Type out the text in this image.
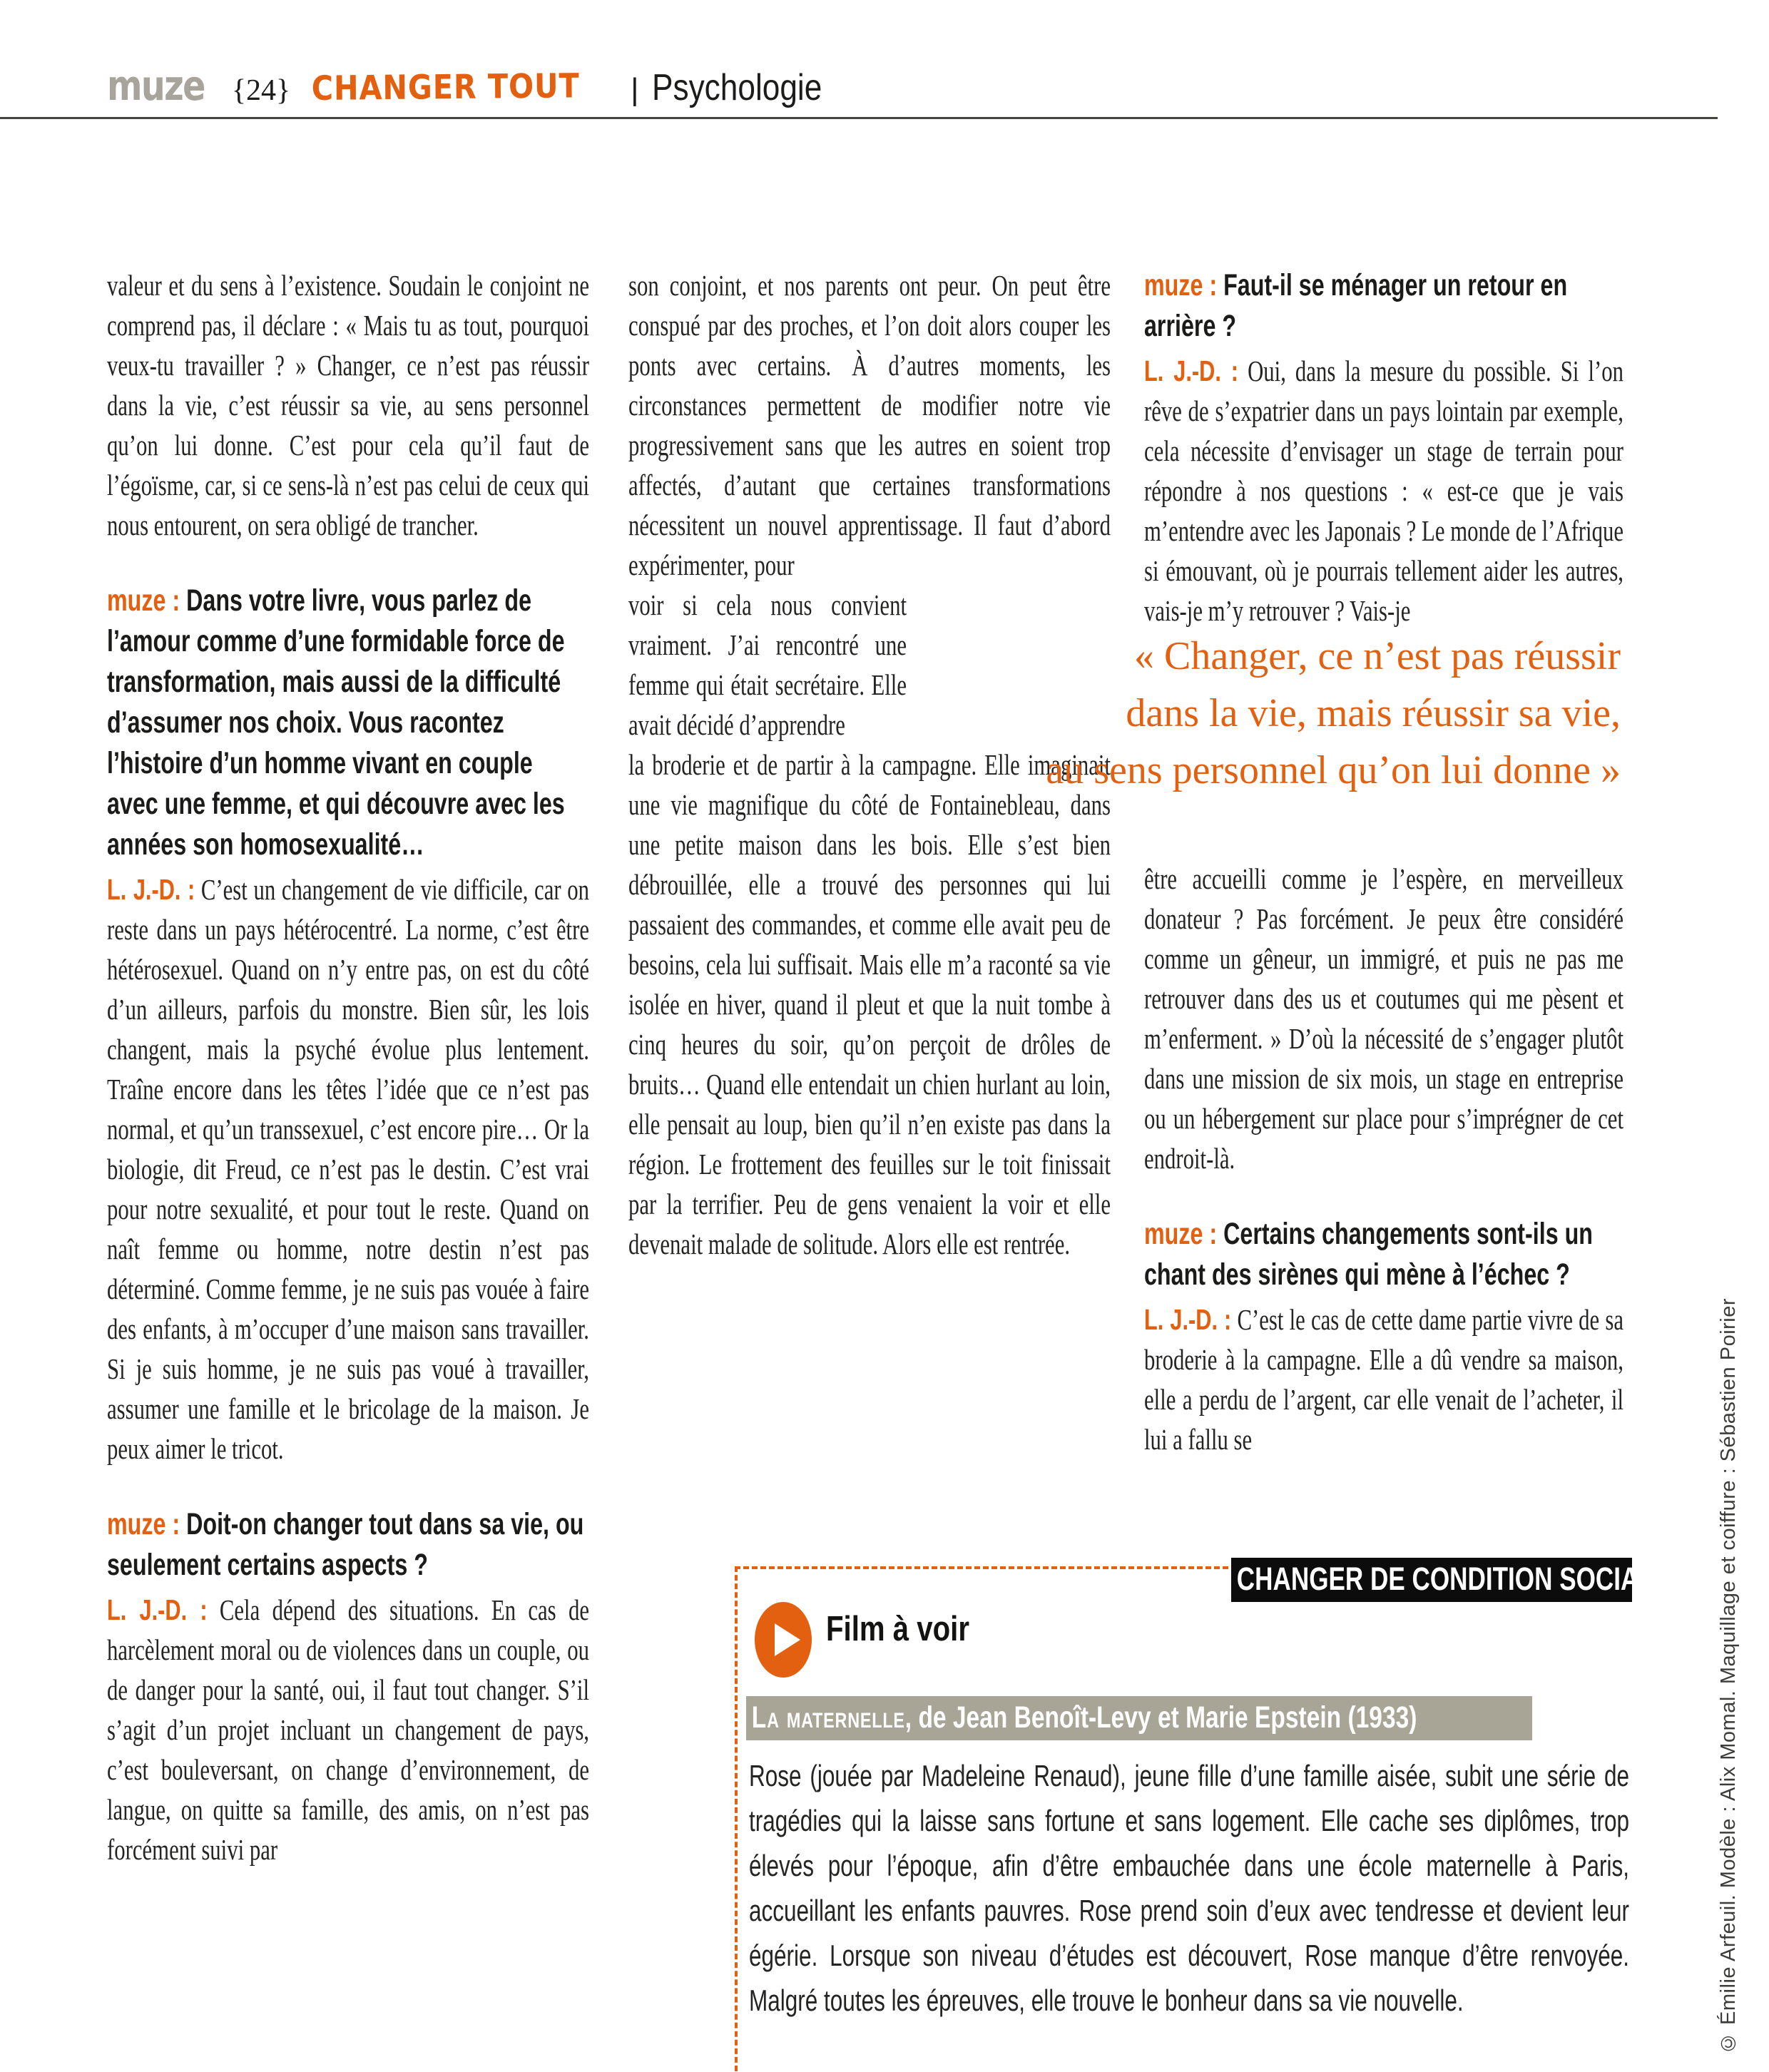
muze {24} CHANGER TOUT | Psychologie

valeur et du sens à l’existence. Soudain le conjoint ne comprend pas, il déclare : « Mais tu as tout, pourquoi veux-tu travailler ? » Changer, ce n’est pas réussir dans la vie, c’est réussir sa vie, au sens personnel qu’on lui donne. C’est pour cela qu’il faut de l’égoïsme, car, si ce sens-là n’est pas celui de ceux qui nous entourent, on sera obligé de trancher.

muze : Dans votre livre, vous parlez de l’amour comme d’une formidable force de transformation, mais aussi de la difficulté d’assumer nos choix. Vous racontez l’histoire d’un homme vivant en couple avec une femme, et qui découvre avec les années son homosexualité…

L. J.-D. : C’est un changement de vie difficile, car on reste dans un pays hétérocentré. La norme, c’est être hétérosexuel. Quand on n’y entre pas, on est du côté d’un ailleurs, parfois du monstre. Bien sûr, les lois changent, mais la psyché évolue plus lentement. Traîne encore dans les têtes l’idée que ce n’est pas normal, et qu’un transsexuel, c’est encore pire… Or la biologie, dit Freud, ce n’est pas le destin. C’est vrai pour notre sexualité, et pour tout le reste. Quand on naît femme ou homme, notre destin n’est pas déterminé. Comme femme, je ne suis pas vouée à faire des enfants, à m’occuper d’une maison sans travailler. Si je suis homme, je ne suis pas voué à travailler, assumer une famille et le bricolage de la maison. Je peux aimer le tricot.

muze : Doit-on changer tout dans sa vie, ou seulement certains aspects ?

L. J.-D. : Cela dépend des situations. En cas de harcèlement moral ou de violences dans un couple, ou de danger pour la santé, oui, il faut tout changer. S’il s’agit d’un projet incluant un changement de pays, c’est bouleversant, on change d’environnement, de langue, on quitte sa famille, des amis, on n’est pas forcément suivi par

son conjoint, et nos parents ont peur. On peut être conspué par des proches, et l’on doit alors couper les ponts avec certains. À d’autres moments, les circonstances permettent de modifier notre vie progressivement sans que les autres en soient trop affectés, d’autant que certaines transformations nécessitent un nouvel apprentissage. Il faut d’abord expérimenter, pour

voir si cela nous convient vraiment. J’ai rencontré une femme qui était secrétaire. Elle avait décidé d’apprendre

la broderie et de partir à la campagne. Elle imaginait une vie magnifique du côté de Fontainebleau, dans une petite maison dans les bois. Elle s’est bien débrouillée, elle a trouvé des personnes qui lui passaient des commandes, et comme elle avait peu de besoins, cela lui suffisait. Mais elle m’a raconté sa vie isolée en hiver, quand il pleut et que la nuit tombe à cinq heures du soir, qu’on perçoit de drôles de bruits… Quand elle entendait un chien hurlant au loin, elle pensait au loup, bien qu’il n’en existe pas dans la région. Le frottement des feuilles sur le toit finissait par la terrifier. Peu de gens venaient la voir et elle devenait malade de solitude. Alors elle est rentrée.

muze : Faut-il se ménager un retour en arrière ?

L. J.-D. : Oui, dans la mesure du possible. Si l’on rêve de s’expatrier dans un pays lointain par exemple, cela nécessite d’envisager un stage de terrain pour répondre à nos questions : « est-ce que je vais m’entendre avec les Japonais ? Le monde de l’Afrique si émouvant, où je pourrais tellement aider les autres, vais-je m’y retrouver ? Vais-je

être accueilli comme je l’espère, en merveilleux donateur ? Pas forcément. Je peux être considéré comme un gêneur, un immigré, et puis ne pas me retrouver dans des us et coutumes qui me pèsent et m’enferment. » D’où la nécessité de s’engager plutôt dans une mission de six mois, un stage en entreprise ou un hébergement sur place pour s’imprégner de cet endroit-là.

muze : Certains changements sont-ils un chant des sirènes qui mène à l’échec ?

L. J.-D. : C’est le cas de cette dame partie vivre de sa broderie à la campagne. Elle a dû vendre sa maison, elle a perdu de l’argent, car elle venait de l’acheter, il lui a fallu se

« Changer, ce n’est pas réussir
dans la vie, mais réussir sa vie,
au sens personnel qu’on lui donne »
CHANGER DE CONDITION SOCIALE
Film à voir
La maternelle, de Jean Benoît-Levy et Marie Epstein (1933)
Rose (jouée par Madeleine Renaud), jeune fille d’une famille aisée, subit une série de tragédies qui la laisse sans fortune et sans logement. Elle cache ses diplômes, trop élevés pour l’époque, afin d’être embauchée dans une école maternelle à Paris, accueillant les enfants pauvres. Rose prend soin d’eux avec tendresse et devient leur égérie. Lorsque son niveau d’études est découvert, Rose manque d’être renvoyée. Malgré toutes les épreuves, elle trouve le bonheur dans sa vie nouvelle.	© Émilie Arfeuil. Modèle : Alix Momal. Maquillage et coiffure : Sébastien Poirier
